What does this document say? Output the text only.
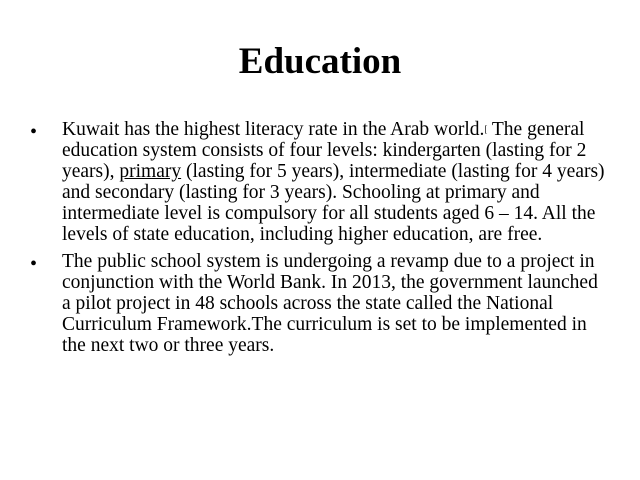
Education
• Kuwait has the highest literacy rate in the Arab world.[ The general education system consists of four levels: kindergarten (lasting for 2 years), primary (lasting for 5 years), intermediate (lasting for 4 years) and secondary (lasting for 3 years). Schooling at primary and intermediate level is compulsory for all students aged 6 – 14. All the levels of state education, including higher education, are free.
• The public school system is undergoing a revamp due to a project in conjunction with the World Bank. In 2013, the government launched a pilot project in 48 schools across the state called the National Curriculum Framework.The curriculum is set to be implemented in the next two or three years.
